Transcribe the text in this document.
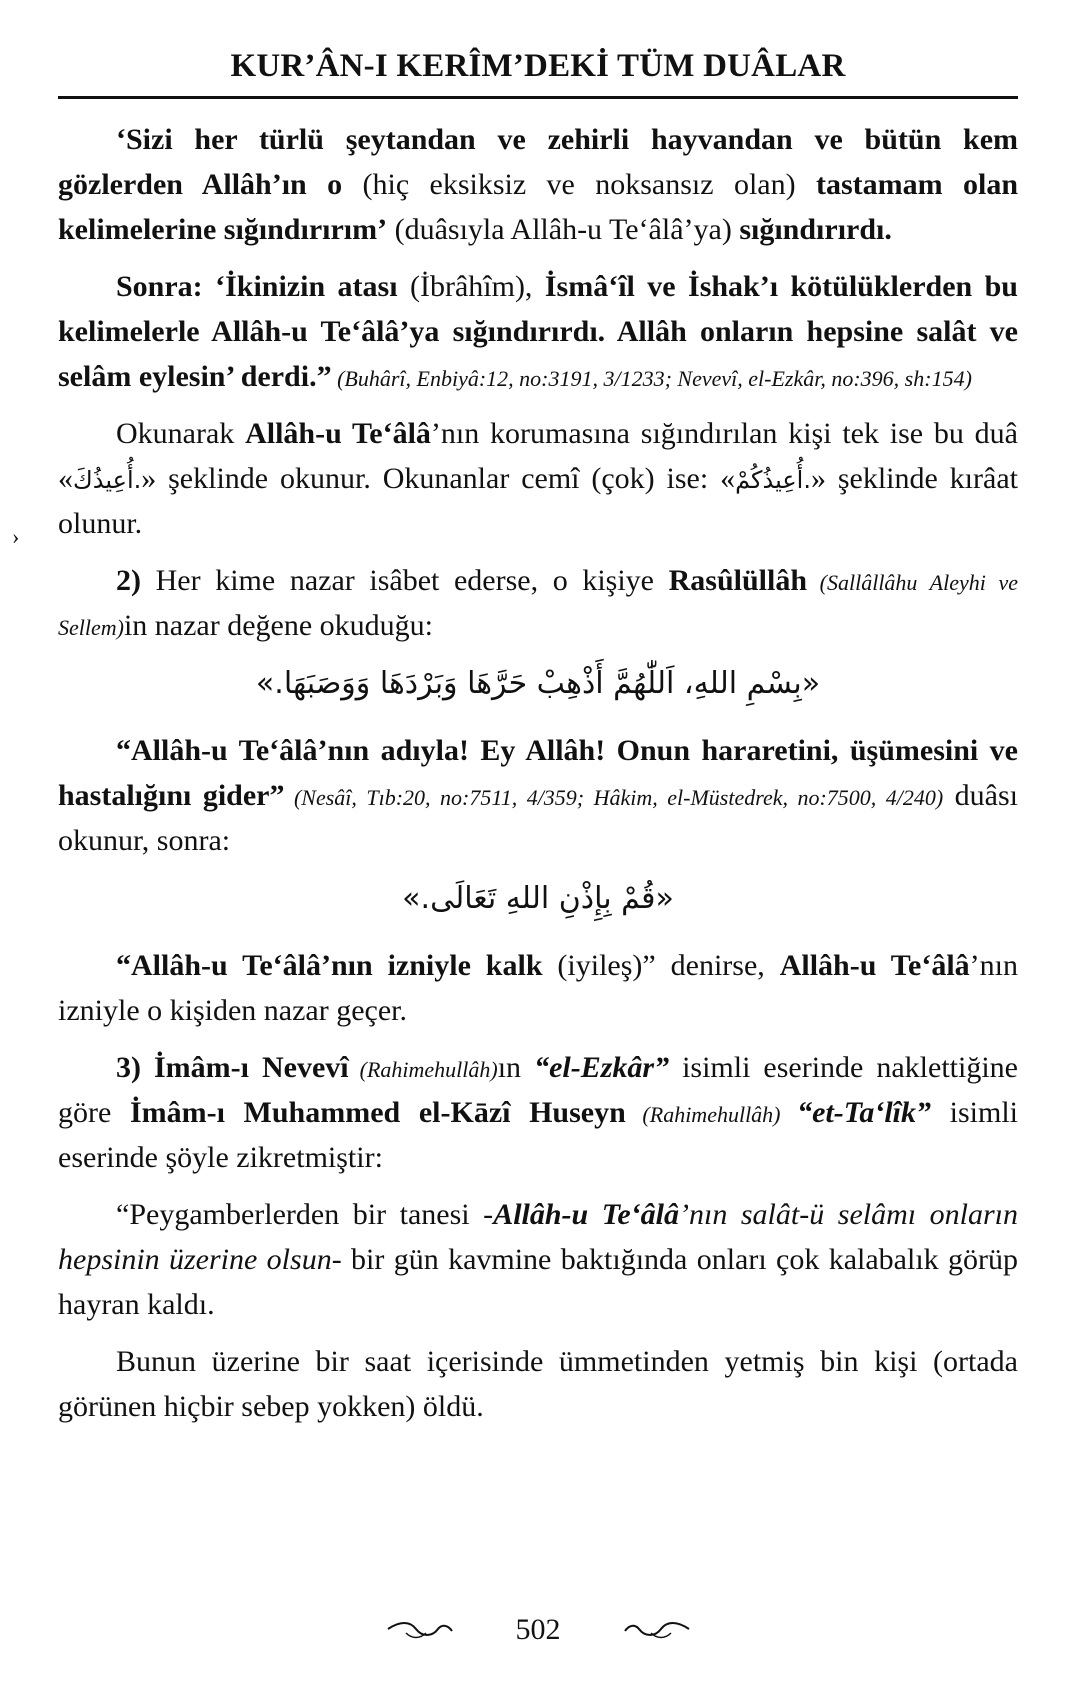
›
KUR’ÂN-I KERÎM’DEKİ TÜM DUÂLAR

‘Sizi her türlü şeytandan ve zehirli hayvandan ve bütün kem gözlerden Allâh’ın o (hiç eksiksiz ve noksansız olan) tastamam olan kelimelerine sığındırırım’ (duâsıyla Allâh-u Te‘âlâ’ya) sığındırırdı.

Sonra: ‘İkinizin atası (İbrâhîm), İsmâ‘îl ve İshak’ı kötülüklerden bu kelimelerle Allâh-u Te‘âlâ’ya sığındırırdı. Allâh onların hepsine salât ve selâm eylesin’ derdi.” (Buhârî, Enbiyâ:12, no:3191, 3/1233; Nevevî, el-Ezkâr, no:396, sh:154)

Okunarak Allâh-u Te‘âlâ’nın korumasına sığındırılan kişi tek ise bu duâ «أُعِيذُكَ.» şeklinde okunur. Okunanlar cemî (çok) ise: «أُعِيذُكُمْ.» şeklinde kırâat olunur.

2) Her kime nazar isâbet ederse, o kişiye Rasûlüllâh (Sallâllâhu Aleyhi ve Sellem)in nazar değene okuduğu:

«بِسْمِ اللهِ، اَللّٰهُمَّ أَذْهِبْ حَرَّهَا وَبَرْدَهَا وَوَصَبَهَا.»

“Allâh-u Te‘âlâ’nın adıyla! Ey Allâh! Onun hararetini, üşümesini ve hastalığını gider” (Nesâî, Tıb:20, no:7511, 4/359; Hâkim, el-Müstedrek, no:7500, 4/240) duâsı okunur, sonra:

«قُمْ بِإِذْنِ اللهِ تَعَالَى.»

“Allâh-u Te‘âlâ’nın izniyle kalk (iyileş)” denirse, Allâh-u Te‘âlâ’nın izniyle o kişiden nazar geçer.

3) İmâm-ı Nevevî (Rahimehullâh)ın “el-Ezkâr” isimli eserinde naklettiğine göre İmâm-ı Muhammed el-Kāzî Huseyn (Rahimehullâh) “et-Ta‘lîk” isimli eserinde şöyle zikretmiştir:

“Peygamberlerden bir tanesi -Allâh-u Te‘âlâ’nın salât-ü selâmı onların hepsinin üzerine olsun- bir gün kavmine baktığında onları çok kalabalık görüp hayran kaldı.

Bunun üzerine bir saat içerisinde ümmetinden yetmiş bin kişi (ortada görünen hiçbir sebep yokken) öldü.

502
